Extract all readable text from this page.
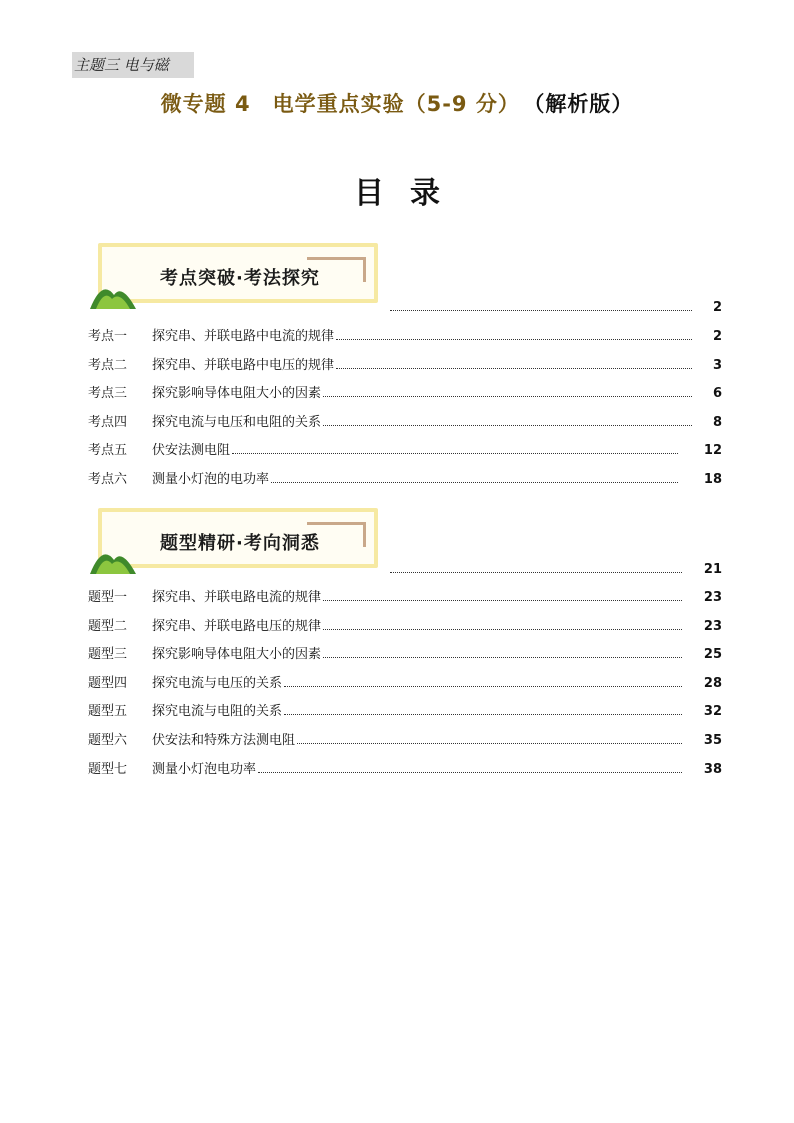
主题三 电与磁
微专题 4　电学重点实验（5-9 分） （解析版）
目录
考点突破·考法探究
2
考点一 探究串、并联电路中电流的规律	2
考点二 探究串、并联电路中电压的规律	3
考点三 探究影响导体电阻大小的因素	6
考点四 探究电流与电压和电阻的关系	8
考点五 伏安法测电阻	12
考点六 测量小灯泡的电功率	18
题型精研·考向洞悉
21
题型一 探究串、并联电路电流的规律	23
题型二 探究串、并联电路电压的规律	23
题型三 探究影响导体电阻大小的因素	25
题型四 探究电流与电压的关系	28
题型五 探究电流与电阻的关系	32
题型六 伏安法和特殊方法测电阻	35
题型七 测量小灯泡电功率	38
